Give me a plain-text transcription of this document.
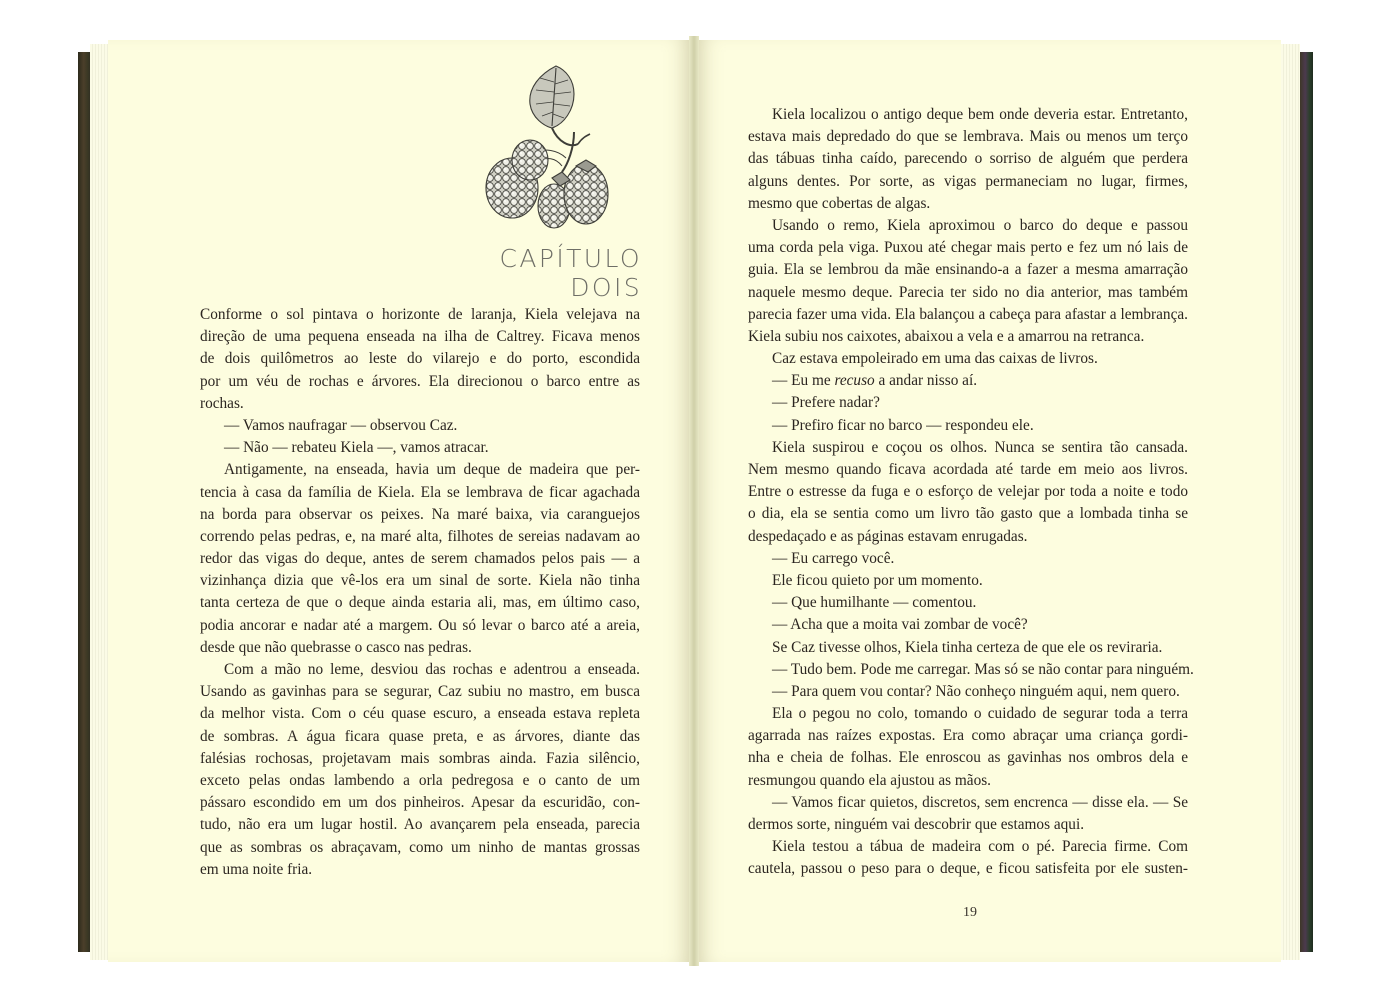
CAPÍTULO DOIS
Conforme o sol pintava o horizonte de laranja, Kiela velejava na
direção de uma pequena enseada na ilha de Caltrey. Ficava menos
de dois quilômetros ao leste do vilarejo e do porto, escondida
por um véu de rochas e árvores. Ela direcionou o barco entre as
rochas.
— Vamos naufragar — observou Caz.
— Não — rebateu Kiela —, vamos atracar.
Antigamente, na enseada, havia um deque de madeira que per-
tencia à casa da família de Kiela. Ela se lembrava de ficar agachada
na borda para observar os peixes. Na maré baixa, via caranguejos
correndo pelas pedras, e, na maré alta, filhotes de sereias nadavam ao
redor das vigas do deque, antes de serem chamados pelos pais — a
vizinhança dizia que vê-los era um sinal de sorte. Kiela não tinha
tanta certeza de que o deque ainda estaria ali, mas, em último caso,
podia ancorar e nadar até a margem. Ou só levar o barco até a areia,
desde que não quebrasse o casco nas pedras.
Com a mão no leme, desviou das rochas e adentrou a enseada.
Usando as gavinhas para se segurar, Caz subiu no mastro, em busca
da melhor vista. Com o céu quase escuro, a enseada estava repleta
de sombras. A água ficara quase preta, e as árvores, diante das
falésias rochosas, projetavam mais sombras ainda. Fazia silêncio,
exceto pelas ondas lambendo a orla pedregosa e o canto de um
pássaro escondido em um dos pinheiros. Apesar da escuridão, con-
tudo, não era um lugar hostil. Ao avançarem pela enseada, parecia
que as sombras os abraçavam, como um ninho de mantas grossas
em uma noite fria.
Kiela localizou o antigo deque bem onde deveria estar. Entretanto,
estava mais depredado do que se lembrava. Mais ou menos um terço
das tábuas tinha caído, parecendo o sorriso de alguém que perdera
alguns dentes. Por sorte, as vigas permaneciam no lugar, firmes,
mesmo que cobertas de algas.
Usando o remo, Kiela aproximou o barco do deque e passou
uma corda pela viga. Puxou até chegar mais perto e fez um nó lais de
guia. Ela se lembrou da mãe ensinando-a a fazer a mesma amarração
naquele mesmo deque. Parecia ter sido no dia anterior, mas também
parecia fazer uma vida. Ela balançou a cabeça para afastar a lembrança.
Kiela subiu nos caixotes, abaixou a vela e a amarrou na retranca.
Caz estava empoleirado em uma das caixas de livros.
— Eu me recuso a andar nisso aí.
— Prefere nadar?
— Prefiro ficar no barco — respondeu ele.
Kiela suspirou e coçou os olhos. Nunca se sentira tão cansada.
Nem mesmo quando ficava acordada até tarde em meio aos livros.
Entre o estresse da fuga e o esforço de velejar por toda a noite e todo
o dia, ela se sentia como um livro tão gasto que a lombada tinha se
despedaçado e as páginas estavam enrugadas.
— Eu carrego você.
Ele ficou quieto por um momento.
— Que humilhante — comentou.
— Acha que a moita vai zombar de você?
Se Caz tivesse olhos, Kiela tinha certeza de que ele os reviraria.
— Tudo bem. Pode me carregar. Mas só se não contar para ninguém.
— Para quem vou contar? Não conheço ninguém aqui, nem quero.
Ela o pegou no colo, tomando o cuidado de segurar toda a terra
agarrada nas raízes expostas. Era como abraçar uma criança gordi-
nha e cheia de folhas. Ele enroscou as gavinhas nos ombros dela e
resmungou quando ela ajustou as mãos.
— Vamos ficar quietos, discretos, sem encrenca — disse ela. — Se
dermos sorte, ninguém vai descobrir que estamos aqui.
Kiela testou a tábua de madeira com o pé. Parecia firme. Com
cautela, passou o peso para o deque, e ficou satisfeita por ele susten-
19
